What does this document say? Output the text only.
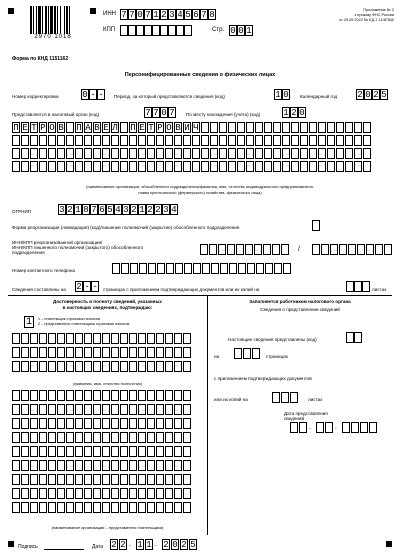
2970 1018
ИНН 7 7 0 7 1 2 3 4 5 6 7 8
КПП	Стр. 0 0 1
Приложение № 2
к приказу ФНС России
от 29.09.2022 № ЕД-7-11/878@
Форма по КНД 1151162
Персонифицированные сведения о физических лицах
Номер корректировки	0 - - Период, за который представляются сведения (код)	1 0 Календарный год 2 0 2 5
Представляется в налоговый орган (код)	7 7 0 7 По месту нахождения (учета) (код)	1 2 0
П Е Т Р О В П А В Е Л П Е Т Р О В И Ч
(наименование организации, обособленного подразделения/фамилия, имя, отчество индивидуального предпринимателя,
главы крестьянского (фермерского) хозяйства, физического лица)
ОГРНИП	3 2 1 8 7 6 5 4 3 2 1 2 2 3 4
Форма реорганизации (ликвидация) (код)/лишение полномочий (закрытие) обособленного подразделения
ИНН/КПП реорганизованной организации/
ИНН/КПП лишенного полномочий (закрытого) обособленного
подразделения	/
Номер контактного телефона
Сведения составлены на 2 - - страницах с приложением подтверждающих документов или их копий на	листах
Достоверность и полноту сведений, указанных
в настоящих сведениях, подтверждаю:
1	1 – плательщик страховых взносов
2 – представитель плательщика страховых взносов
(фамилия, имя, отчество полностью)
(наименование организации – представителя плательщика)
Подпись	Дата 2 2 . 1 1 . 2 0 2 5
Заполняется работником налогового органа
Сведения о представлении сведений
Настоящие сведения представлены (код)
на	страницах
с приложением подтверждающих документов
или их копий на	листах
Дата представления
сведений
.	.
